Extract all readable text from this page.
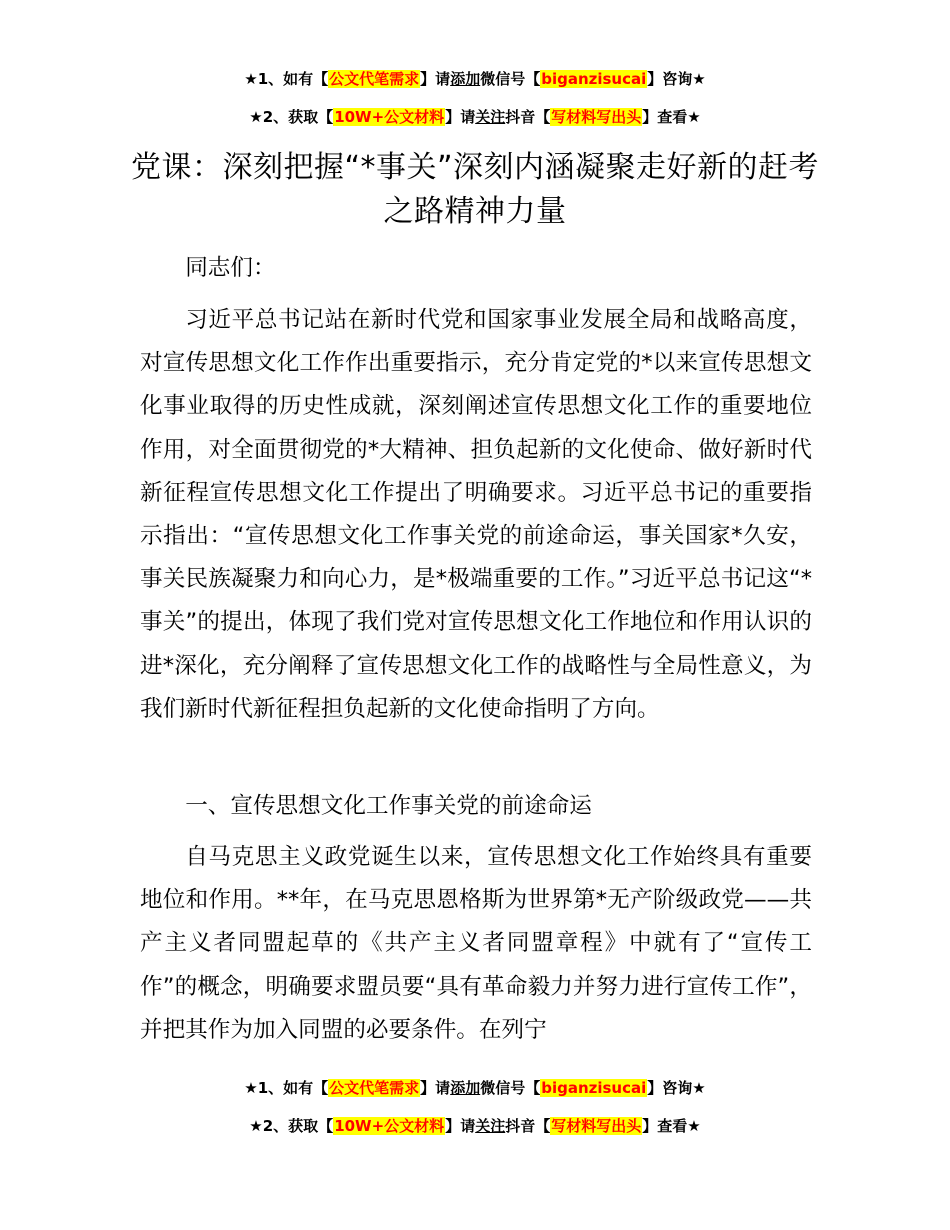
★1、如有【公文代笔需求】请添加微信号【biganzisucai】咨询★
★2、获取【10W+公文材料】请关注抖音【写材料写出头】查看★
党课：深刻把握“*事关”深刻内涵凝聚走好新的赶考之路精神力量
同志们：
习近平总书记站在新时代党和国家事业发展全局和战略高度，对宣传思想文化工作作出重要指示，充分肯定党的*以来宣传思想文化事业取得的历史性成就，深刻阐述宣传思想文化工作的重要地位作用，对全面贯彻党的*大精神、担负起新的文化使命、做好新时代新征程宣传思想文化工作提出了明确要求。习近平总书记的重要指示指出：“宣传思想文化工作事关党的前途命运，事关国家*久安，事关民族凝聚力和向心力，是*极端重要的工作。”习近平总书记这“*事关”的提出，体现了我们党对宣传思想文化工作地位和作用认识的进*深化，充分阐释了宣传思想文化工作的战略性与全局性意义，为我们新时代新征程担负起新的文化使命指明了方向。
一、宣传思想文化工作事关党的前途命运
自马克思主义政党诞生以来，宣传思想文化工作始终具有重要地位和作用。**年，在马克思恩格斯为世界第*无产阶级政党——共产主义者同盟起草的《共产主义者同盟章程》中就有了“宣传工作”的概念，明确要求盟员要“具有革命毅力并努力进行宣传工作”，并把其作为加入同盟的必要条件。在列宁
★1、如有【公文代笔需求】请添加微信号【biganzisucai】咨询★
★2、获取【10W+公文材料】请关注抖音【写材料写出头】查看★
